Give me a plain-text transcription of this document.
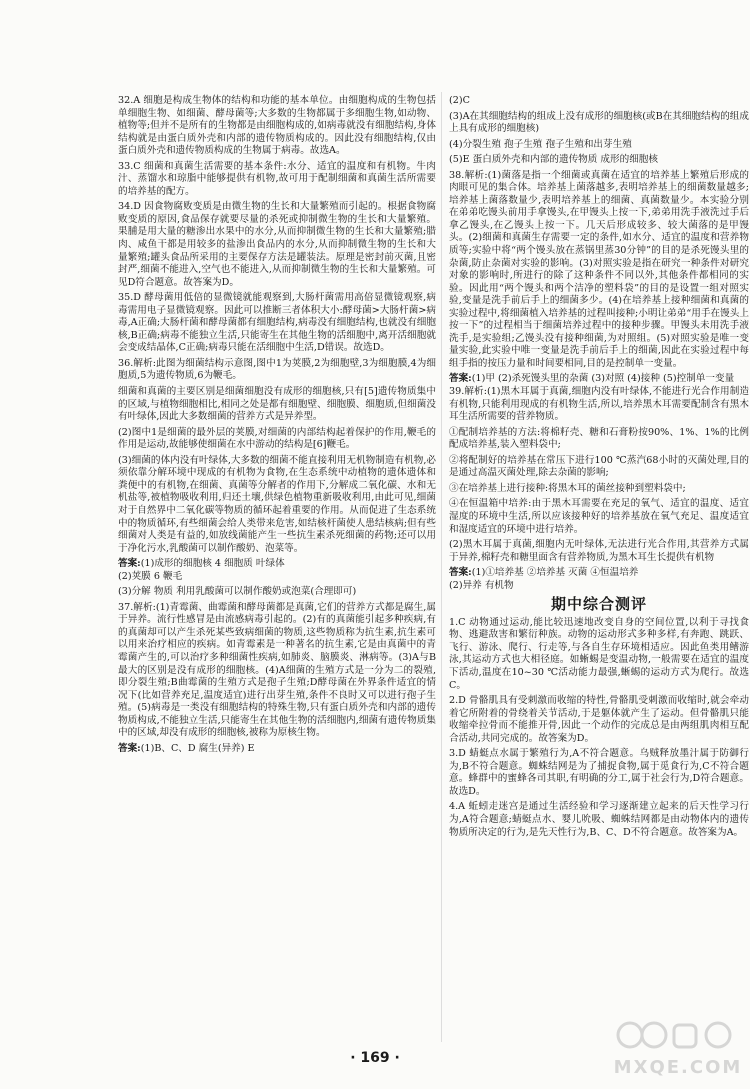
32.A 细胞是构成生物体的结构和功能的基本单位。由细胞构成的生物包括单细胞生物、如细菌、酵母菌等;大多数的生物都属于多细胞生物,如动物、植物等;但并不是所有的生物都是由细胞构成的,如病毒就没有细胞结构,身体结构就是由蛋白质外壳和内部的遗传物质构成的。因此没有细胞结构,仅由蛋白质外壳和遗传物质构成的生物属于病毒。故选A。

33.C 细菌和真菌生活需要的基本条件:水分、适宜的温度和有机物。牛肉汁、蒸馏水和琼脂中能够提供有机物,故可用于配制细菌和真菌生活所需要的培养基的配方。

34.D 因食物腐败变质是由微生物的生长和大量繁殖而引起的。根据食物腐败变质的原因,食品保存就要尽量的杀死或抑制微生物的生长和大量繁殖。果脯是用大量的糖渗出水果中的水分,从而抑制微生物的生长和大量繁殖;腊肉、咸鱼干都是用较多的盐渗出食品内的水分,从而抑制微生物的生长和大量繁殖;罐头食品所采用的主要保存方法是罐装法。原理是密封前灭菌,且密封严,细菌不能进入,空气也不能进入,从而抑制微生物的生长和大量繁殖。可见D符合题意。故答案为D。

35.D 酵母菌用低倍的显微镜就能观察到,大肠杆菌需用高倍显微镜观察,病毒需用电子显微镜观察。因此可以推断三者体积大小:酵母菌>大肠杆菌>病毒,A正确;大肠杆菌和酵母菌都有细胞结构,病毒没有细胞结构,也就没有细胞核,B正确;病毒不能独立生活,只能寄生在其他生物的活细胞中,离开活细胞就会变成结晶体,C正确;病毒只能在活细胞中生活,D错误。故选D。

36.解析:此图为细菌结构示意图,图中1为荚膜,2为细胞壁,3为细胞膜,4为细胞质,5为遗传物质,6为鞭毛。

细菌和真菌的主要区别是细菌细胞没有成形的细胞核,只有[5]遗传物质集中的区域,与植物细胞相比,相同之处是都有细胞壁、细胞膜、细胞质,但细菌没有叶绿体,因此大多数细菌的营养方式是异养型。

(2)图中1是细菌的最外层的荚膜,对细菌的内部结构起着保护的作用,鞭毛的作用是运动,故能够使细菌在水中游动的结构是[6]鞭毛。

(3)细菌的体内没有叶绿体,大多数的细菌不能直接利用无机物制造有机物,必须依靠分解环境中现成的有机物为食物,在生态系统中动植物的遗体遗体和粪便中的有机物,在细菌、真菌等分解者的作用下,分解成二氧化碳、水和无机盐等,被植物吸收利用,归还土壤,供绿色植物重新吸收利用,由此可见,细菌对于自然界中二氧化碳等物质的循环起着重要的作用。从而促进了生态系统中的物质循环,有些细菌会给人类带来危害,如结核杆菌使人患结核病;但有些细菌对人类是有益的,如放线菌能产生一些抗生素杀死细菌的药物;还可以用于净化污水,乳酸菌可以制作酸奶、泡菜等。

答案:(1)成形的细胞核 4 细胞质 叶绿体

(2)荚膜 6 鞭毛

(3)分解 物质 利用乳酸菌可以制作酸奶或泡菜(合理即可)

37.解析:(1)青霉菌、曲霉菌和酵母菌都是真菌,它们的营养方式都是腐生,属于异养。流行性感冒是由流感病毒引起的。(2)有的真菌能引起多种疾病,有的真菌却可以产生杀死某些致病细菌的物质,这些物质称为抗生素,抗生素可以用来治疗相应的疾病。如青霉素是一种著名的抗生素,它是由真菌中的青霉菌产生的,可以治疗多种细菌性疾病,如肺炎、脑膜炎、淋病等。(3)A与B最大的区别是没有成形的细胞核。(4)A细菌的生殖方式是一分为二的裂殖,即分裂生殖;B曲霉菌的生殖方式是孢子生殖;D酵母菌在外界条件适宜的情况下(比如营养充足,温度适宜)进行出芽生殖,条件不良时又可以进行孢子生殖。(5)病毒是一类没有细胞结构的特殊生物,只有蛋白质外壳和内部的遗传物质构成,不能独立生活,只能寄生在其他生物的活细胞内,细菌有遗传物质集中的区域,却没有成形的细胞核,被称为原核生物。

答案:(1)B、C、D 腐生(异养) E

(2)C

(3)A在其细胞结构的组成上没有成形的细胞核(或B在其细胞结构的组成上具有成形的细胞核)

(4)分裂生殖 孢子生殖 孢子生殖和出芽生殖

(5)E 蛋白质外壳和内部的遗传物质 成形的细胞核

38.解析:(1)菌落是指一个细菌或真菌在适宜的培养基上繁殖后形成的肉眼可见的集合体。培养基上菌落越多,表明培养基上的细菌数量越多;培养基上菌落数量少,表明培养基上的细菌、真菌数量少。本实验分别在弟弟吃馒头前用手拿馒头,在甲馒头上按一下,弟弟用洗手液洗过手后拿乙馒头,在乙馒头上按一下。几天后形成较多、较大菌落的是甲馒头。(2)细菌和真菌生存需要一定的条件,如水分、适宜的温度和营养物质等;实验中将“两个馒头放在蒸锅里蒸30分钟”的目的是杀死馒头里的杂菌,防止杂菌对实验的影响。(3)对照实验是指在研究一种条件对研究对象的影响时,所进行的除了这种条件不同以外,其他条件都相同的实验。因此用“两个馒头和两个洁净的塑料袋”的目的是设置一组对照实验,变量是洗手前后手上的细菌多少。(4)在培养基上接种细菌和真菌的实验过程中,将细菌植入培养基的过程叫接种;小明让弟弟“用手在馒头上按一下”的过程相当于细菌培养过程中的接种步骤。甲馒头未用洗手液洗手,是实验组;乙馒头没有接种细菌,为对照组。(5)对照实验是唯一变量实验,此实验中唯一变量是洗手前后手上的细菌,因此在实验过程中每组手指的按压力量和时间要相同,目的是控制单一变量。

答案:(1)甲 (2)杀死馒头里的杂菌 (3)对照 (4)接种 (5)控制单一变量

39.解析:(1)黑木耳属于真菌,细胞内没有叶绿体,不能进行光合作用制造有机物,只能利用现成的有机物生活,所以,培养黑木耳需要配制含有黑木耳生活所需要的营养物质。

①配制培养基的方法:将棉籽壳、糖和石膏粉按90%、1%、1%的比例配成培养基,装入塑料袋中;

②将配制好的培养基在常压下进行100 ℃蒸汽68小时的灭菌处理,目的是通过高温灭菌处理,除去杂菌的影响;

③在培养基上进行接种:将黑木耳的菌丝接种到塑料袋中;

④在恒温箱中培养:由于黑木耳需要在充足的氧气、适宜的温度、适宜湿度的环境中生活,所以应该接种好的培养基放在氧气充足、温度适宜和湿度适宜的环境中进行培养。

(2)黑木耳属于真菌,细胞内无叶绿体,无法进行光合作用,其营养方式属于异养,棉籽壳和糖里面含有营养物质,为黑木耳生长提供有机物

答案:(1)①培养基 ②培养基 灭菌 ④恒温培养

(2)异养 有机物

期中综合测评

1.C 动物通过运动,能比较迅速地改变自身的空间位置,以利于寻找食物、逃避敌害和繁衍种族。动物的运动形式多种多样,有奔跑、跳跃、飞行、游泳、爬行、行走等,与各自生存环境相适应。因此鱼类用鳍游泳,其运动方式也大相径庭。如蜥蜴是变温动物,一般需要在适宜的温度下活动,温度在10~30 ℃活动能力最强,蜥蜴的运动方式为爬行。故选C。

2.D 骨骼肌具有受刺激而收缩的特性,骨骼肌受刺激而收缩时,就会牵动着它所附着的骨绕着关节活动,于是躯体就产生了运动。但骨骼肌只能收缩牵拉骨而不能推开骨,因此一个动作的完成总是由两组肌肉相互配合活动,共同完成的。故答案为D。

3.D 蜻蜓点水属于繁殖行为,A不符合题意。乌贼释放墨汁属于防御行为,B不符合题意。蜘蛛结网是为了捕捉食物,属于觅食行为,C不符合题意。蜂群中的蜜蜂各司其职,有明确的分工,属于社会行为,D符合题意。故选D。

4.A 蚯蚓走迷宫是通过生活经验和学习逐渐建立起来的后天性学习行为,A符合题意;蜻蜓点水、婴儿吮吸、蜘蛛结网都是由动物体内的遗传物质所决定的行为,是先天性行为,B、C、D不符合题意。故答案为A。

· 169 ·	MXQE.COM
